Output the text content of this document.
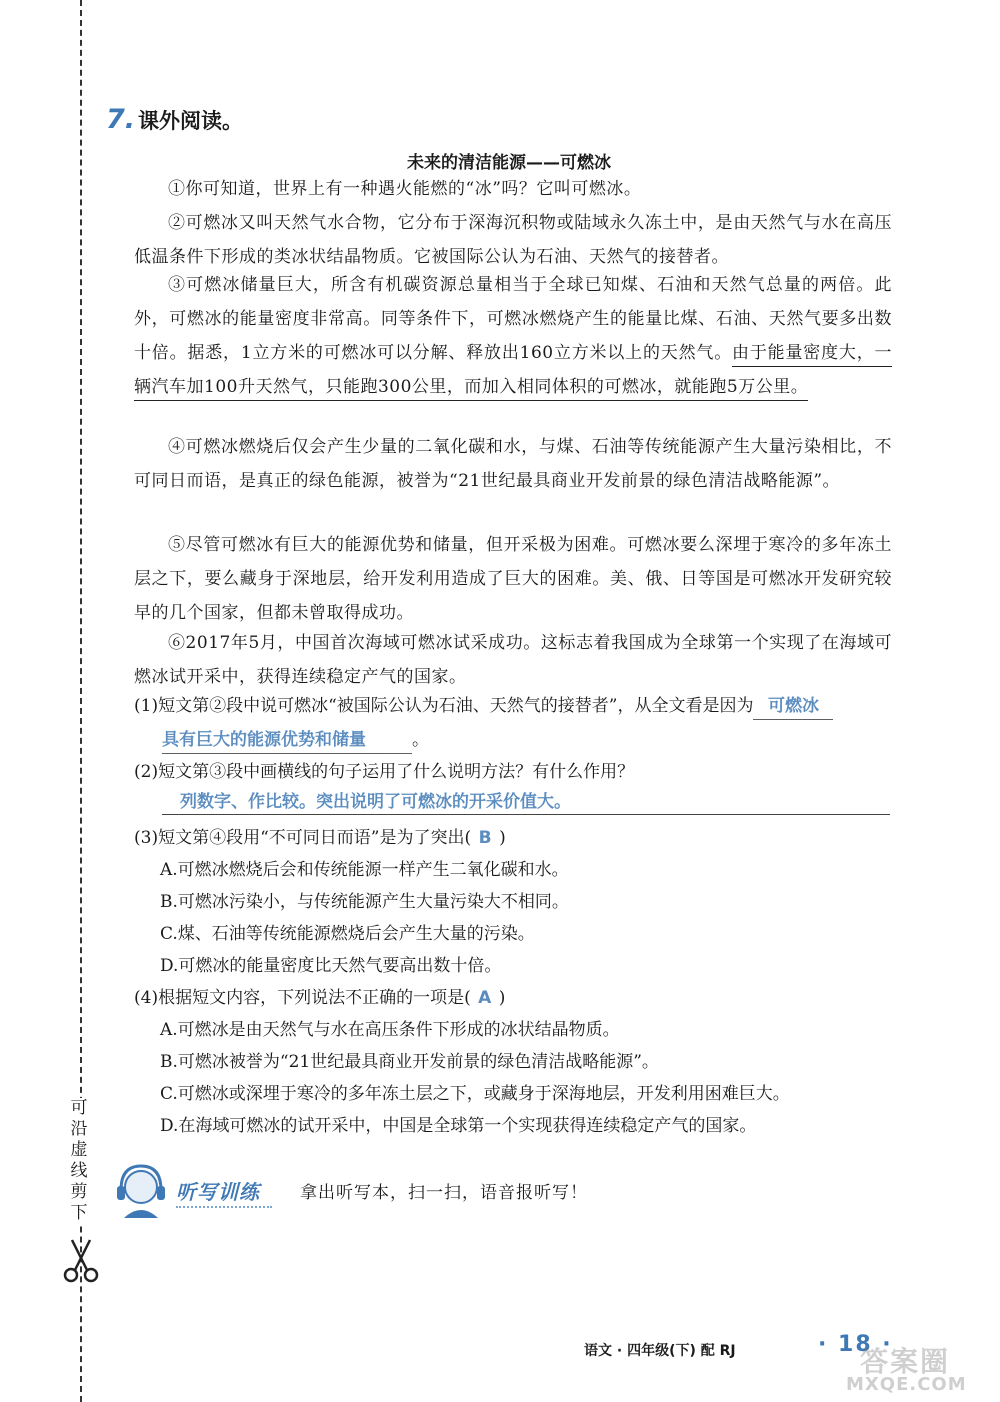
可
沿
虚
线
剪
下
7. 课外阅读。
未来的清洁能源——可燃冰

①你可知道，世界上有一种遇火能燃的“冰”吗？它叫可燃冰。

②可燃冰又叫天然气水合物，它分布于深海沉积物或陆域永久冻土中，是由天然气与水在高压低温条件下形成的类冰状结晶物质。它被国际公认为石油、天然气的接替者。

③可燃冰储量巨大，所含有机碳资源总量相当于全球已知煤、石油和天然气总量的两倍。此外，可燃冰的能量密度非常高。同等条件下，可燃冰燃烧产生的能量比煤、石油、天然气要多出数十倍。据悉，1立方米的可燃冰可以分解、释放出160立方米以上的天然气。由于能量密度大，一辆汽车加100升天然气，只能跑300公里，而加入相同体积的可燃冰，就能跑5万公里。

④可燃冰燃烧后仅会产生少量的二氧化碳和水，与煤、石油等传统能源产生大量污染相比，不可同日而语，是真正的绿色能源，被誉为“21世纪最具商业开发前景的绿色清洁战略能源”。

⑤尽管可燃冰有巨大的能源优势和储量，但开采极为困难。可燃冰要么深埋于寒冷的多年冻土层之下，要么藏身于深地层，给开发利用造成了巨大的困难。美、俄、日等国是可燃冰开发研究较早的几个国家，但都未曾取得成功。

⑥2017年5月，中国首次海域可燃冰试采成功。这标志着我国成为全球第一个实现了在海域可燃冰试开采中，获得连续稳定产气的国家。

(1)短文第②段中说可燃冰“被国际公认为石油、天然气的接替者”，从全文看是因为 可燃冰
具有巨大的能源优势和储量	。
(2)短文第③段中画横线的句子运用了什么说明方法？有什么作用？
列数字、作比较。突出说明了可燃冰的开采价值大。
(3)短文第④段用“不可同日而语”是为了突出( B )
A.可燃冰燃烧后会和传统能源一样产生二氧化碳和水。
B.可燃冰污染小，与传统能源产生大量污染大不相同。
C.煤、石油等传统能源燃烧后会产生大量的污染。
D.可燃冰的能量密度比天然气要高出数十倍。
(4)根据短文内容，下列说法不正确的一项是( A )
A.可燃冰是由天然气与水在高压条件下形成的冰状结晶物质。
B.可燃冰被誉为“21世纪最具商业开发前景的绿色清洁战略能源”。
C.可燃冰或深埋于寒冷的多年冻土层之下，或藏身于深海地层，开发利用困难巨大。
D.在海域可燃冰的试开采中，中国是全球第一个实现获得连续稳定产气的国家。
听写训练 拿出听写本，扫一扫，语音报听写！
语文 · 四年级(下) 配 RJ	· 18 ·
答案圈
MXQE.COM
